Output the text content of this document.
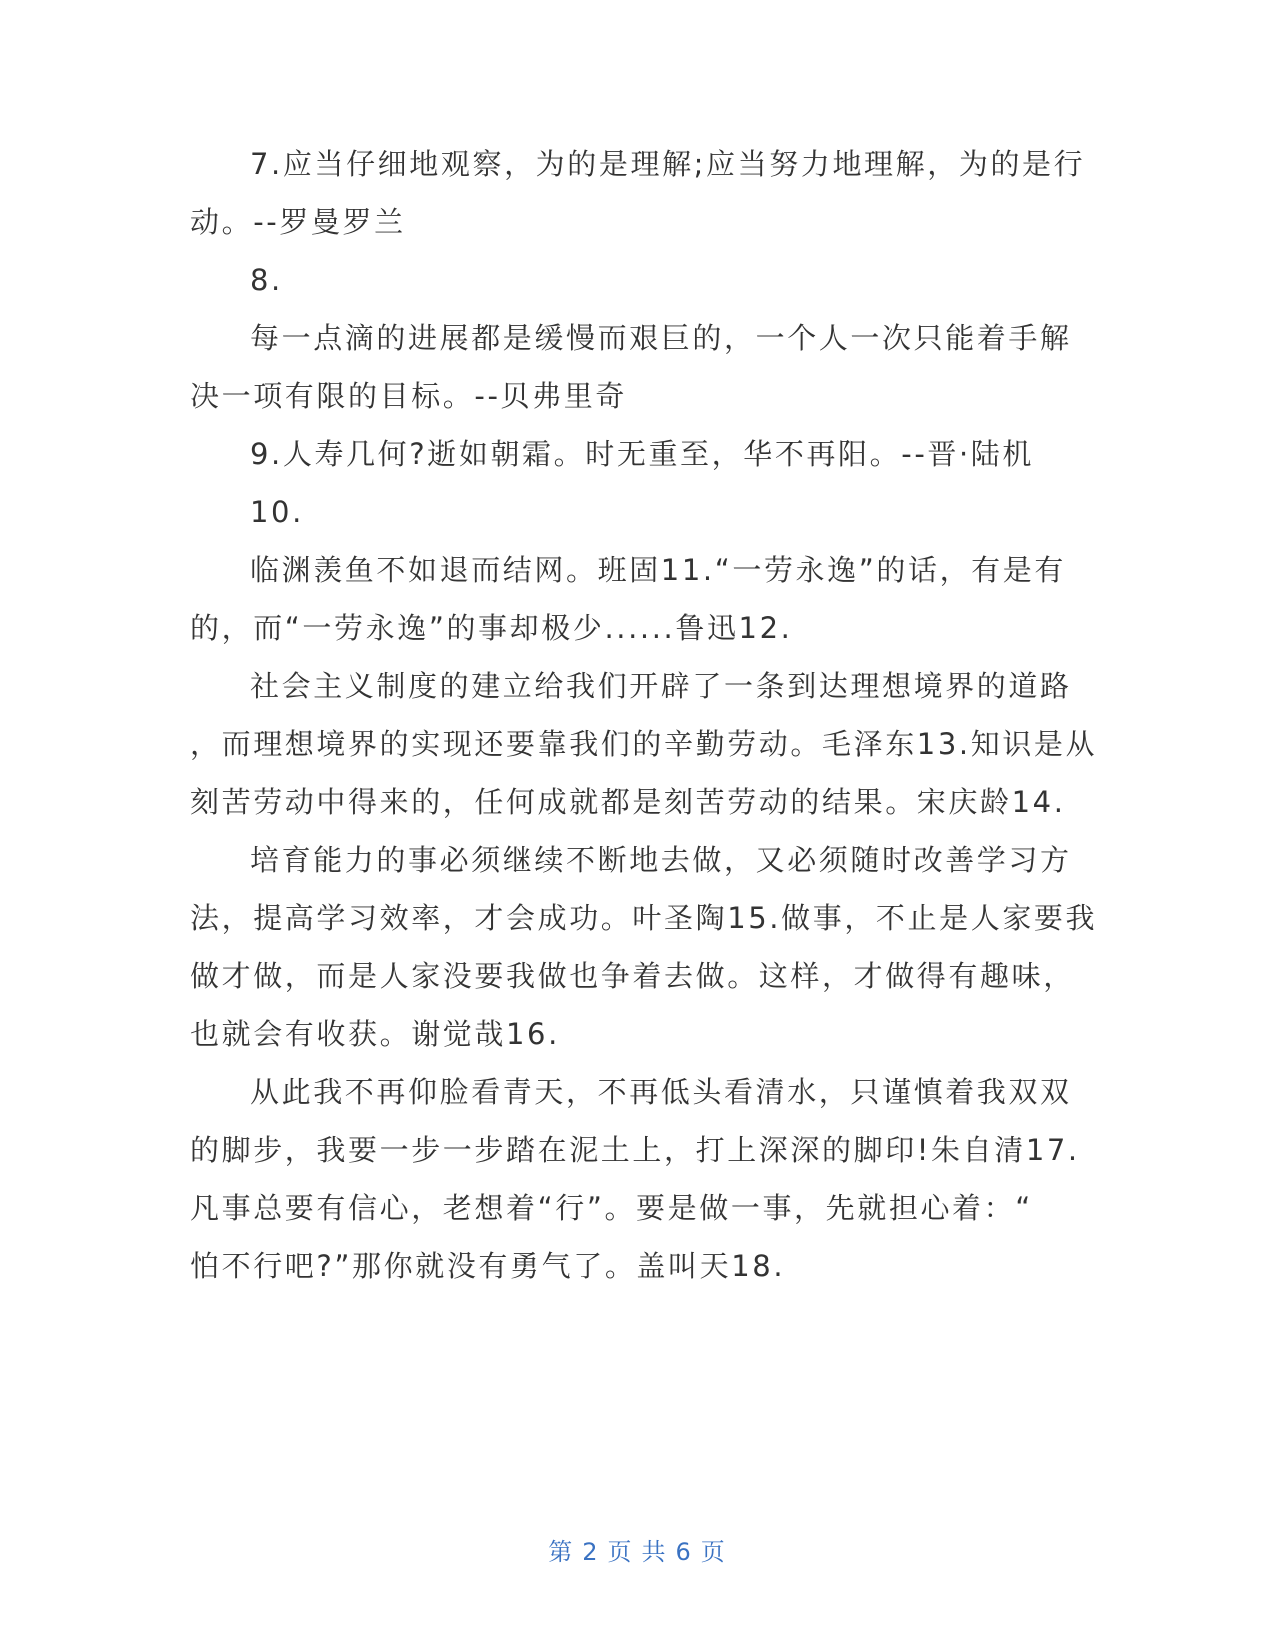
7.应当仔细地观察，为的是理解;应当努力地理解，为的是行
动。--罗曼罗兰
8.
每一点滴的进展都是缓慢而艰巨的，一个人一次只能着手解
决一项有限的目标。--贝弗里奇
9.人寿几何?逝如朝霜。时无重至，华不再阳。--晋·陆机
10.
临渊羡鱼不如退而结网。班固11.“一劳永逸”的话，有是有
的，而“一劳永逸”的事却极少......鲁迅12.
社会主义制度的建立给我们开辟了一条到达理想境界的道路
，而理想境界的实现还要靠我们的辛勤劳动。毛泽东13.知识是从
刻苦劳动中得来的，任何成就都是刻苦劳动的结果。宋庆龄14.
培育能力的事必须继续不断地去做，又必须随时改善学习方
法，提高学习效率，才会成功。叶圣陶15.做事，不止是人家要我
做才做，而是人家没要我做也争着去做。这样，才做得有趣味，
也就会有收获。谢觉哉16.
从此我不再仰脸看青天，不再低头看清水，只谨慎着我双双
的脚步，我要一步一步踏在泥土上，打上深深的脚印!朱自清17.
凡事总要有信心，老想着“行”。要是做一事，先就担心着：“
怕不行吧?”那你就没有勇气了。盖叫天18.
第 2 页 共 6 页
